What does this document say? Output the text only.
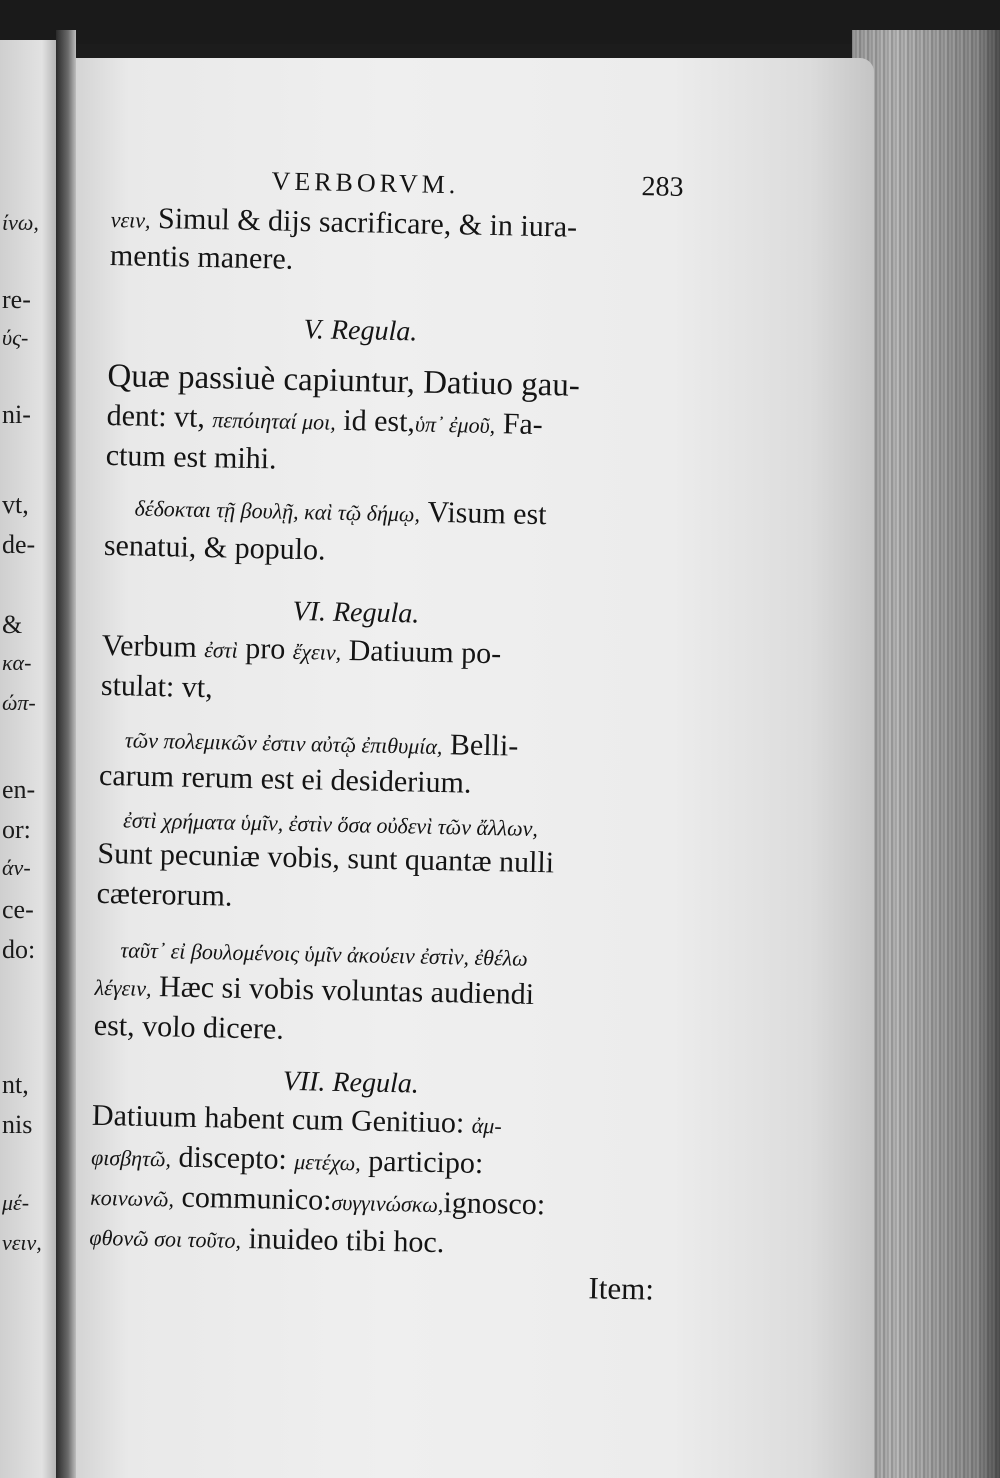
ίνω,
re-
ύς-
ni-
vt,
de-
&
κα-
ώπ-
en-
or:
άν-
ce-
do:
nt,
nis
μέ-
νειν,
VERBORVM.	283
νειν, Simul & dijs sacrificare, & in iura-
mentis manere.
V. Regula.
Quæ passiuè capiuntur, Datiuo gau-
dent: vt, πεπόιηταί μοι, id est,ὑπ᾽ ἐμοῦ, Fa-
ctum est mihi.
δέδοκται τῇ βουλῇ, καὶ τῷ δήμῳ, Visum est
senatui, & populo.
VI. Regula.
Verbum ἐστὶ pro ἔχειν, Datiuum po-
stulat: vt,
τῶν πολεμικῶν ἐστιν αὐτῷ ἐπιθυμία, Belli-
carum rerum est ei desiderium.
ἐστὶ χρήματα ὑμῖν, ἐστὶν ὅσα οὐδενὶ τῶν ἄλλων,
Sunt pecuniæ vobis, sunt quantæ nulli
cæterorum.
ταῦτ᾽ εἰ βουλομένοις ὑμῖν ἀκούειν ἐστὶν, ἐθέλω
λέγειν, Hæc si vobis voluntas audiendi
est, volo dicere.
VII. Regula.
Datiuum habent cum Genitiuo: ἀμ-
φισβητῶ, discepto: μετέχω, participo:
κοινωνῶ, communico:συγγινώσκω,ignosco:
φθονῶ σοι τοῦτο, inuideo tibi hoc.
Item:
